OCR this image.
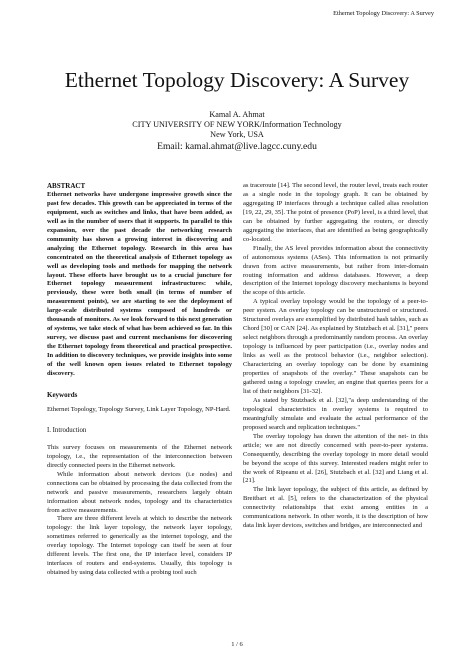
Ethernet Topology Discovery: A Survey
Ethernet Topology Discovery: A Survey
Kamal A. Ahmat
CITY UNIVERSITY OF NEW YORK/Information Technology
New York, USA
Email: kamal.ahmat@live.lagcc.cuny.edu

ABSTRACT

Ethernet networks have undergone impressive growth since the past few decades. This growth can be appreciated in terms of the equipment, such as switches and links, that have been added, as well as in the number of users that it supports. In parallel to this expansion, over the past decade the networking research community has shown a growing interest in discovering and analyzing the Ethernet topology. Research in this area has concentrated on the theoretical analysis of Ethernet topology as well as developing tools and methods for mapping the network layout. These efforts have brought us to a crucial juncture for Ethernet topology measurement infrastructures: while, previously, these were both small (in terms of number of measurement points), we are starting to see the deployment of large-scale distributed systems composed of hundreds or thousands of monitors. As we look forward to this next generation of systems, we take stock of what has been achieved so far. In this survey, we discuss past and current mechanisms for discovering the Ethernet topology from theoretical and practical prospective. In addition to discovery techniques, we provide insights into some of the well known open issues related to Ethernet topology discovery.

Keywords

Ethernet Topology, Topology Survey, Link Layer Topology, NP-Hard.

I. Introduction

This survey focuses on measurements of the Ethernet network topology, i.e., the representation of the interconnection between directly connected peers in the Ethernet network.

While information about network devices (i.e nodes) and connections can be obtained by processing the data collected from the network and passive measurements, researchers largely obtain information about network nodes, topology and its characteristics from active measurements.

There are three different levels at which to describe the network topology: the link layer topology, the network layer topology, sometimes referred to generically as the internet topology, and the overlay topology. The Internet topology can itself be seen at four different levels. The first one, the IP interface level, considers IP interfaces of routers and end-systems. Usually, this topology is obtained by using data collected with a probing tool such

as traceroute [14]. The second level, the router level, treats each router as a single node in the topology graph. It can be obtained by aggregating IP interfaces through a technique called alias resolution [19, 22, 29, 35]. The point of presence (PoP) level, is a third level, that can be obtained by further aggregating the routers, or directly aggregating the interfaces, that are identified as being geographically co-located.

Finally, the AS level provides information about the connectivity of autonomous systems (ASes). This information is not primarily drawn from active measurements, but rather from inter-domain routing information and address databases. However, a deep description of the Internet topology discovery mechanisms is beyond the scope of this article.

A typical overlay topology would be the topology of a peer-to-peer system. An overlay topology can be unstructured or structured. Structured overlays are exemplified by distributed hash tables, such as Chord [30] or CAN [24]. As explained by Stutzbach et al. [31]," peers select neighbors through a predominantly random process. An overlay topology is influenced by peer participation (i.e., overlay nodes and links as well as the protocol behavior (i.e., neighbor selection). Characterizing an overlay topology can be done by examining properties of snapshots of the overlay." These snapshots can be gathered using a topology crawler, an engine that queries peers for a list of their neighbors [31-32].

As stated by Stutzback et al. [32],"a deep understanding of the topological characteristics in overlay systems is required to meaningfully simulate and evaluate the actual performance of the proposed search and replication techniques."

The overlay topology has drawn the attention of the net- in this article; we are not directly concerned with peer-to-peer systems. Consequently, describing the overlay topology in more detail would be beyond the scope of this survey. Interested readers might refer to the work of Ripeanu et al. [26], Stutzbach et al. [32] and Liang et al. [21].

The link layer topology, the subject of this article, as defined by Breitbart et al. [5], refers to the characterization of the physical connectivity relationships that exist among entities in a communications network. In other words, it is the description of how data link layer devices, switches and bridges, are interconnected and

1 / 6
